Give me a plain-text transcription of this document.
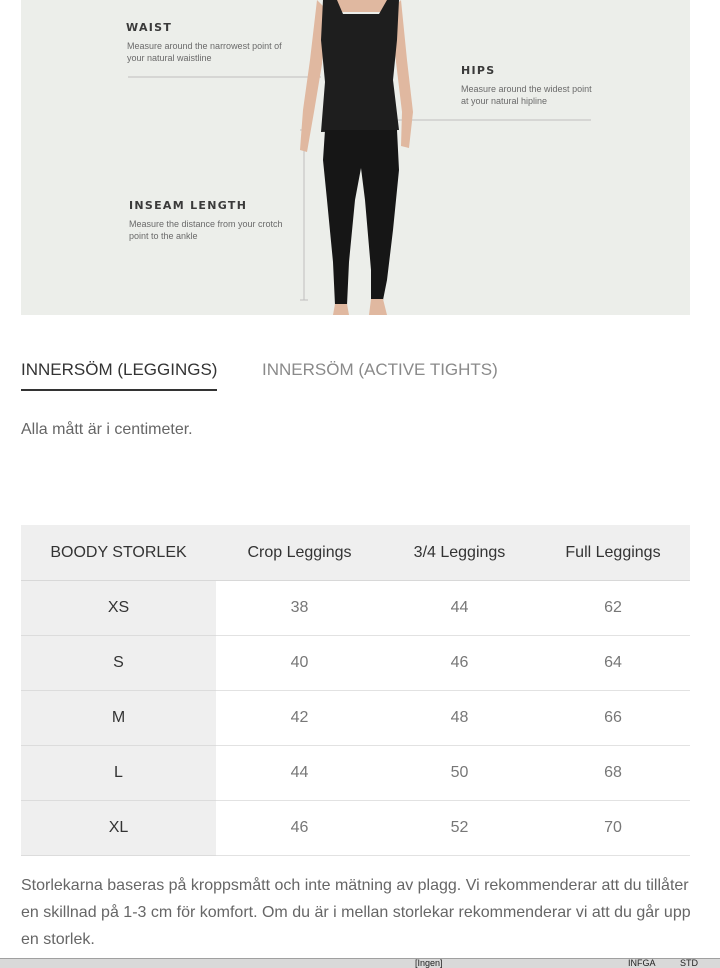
WAIST
Measure around the narrowest point of your natural waistline
HIPS
Measure around the widest point at your natural hipline
INSEAM LENGTH
Measure the distance from your crotch point to the ankle
INNERSÖM (LEGGINGS)	INNERSÖM (ACTIVE TIGHTS)
Alla mått är i centimeter.
BOODY STORLEK	Crop Leggings	3/4 Leggings	Full Leggings
XS	38	44	62
S	40	46	64
M	42	48	66
L	44	50	68
XL	46	52	70
Storlekarna baseras på kroppsmått och inte mätning av plagg. Vi rekommenderar att du tillåter en skillnad på 1-3 cm för komfort. Om du är i mellan storlekar rekommenderar vi att du går upp en storlek.
[Ingen]	INFGA	STD
